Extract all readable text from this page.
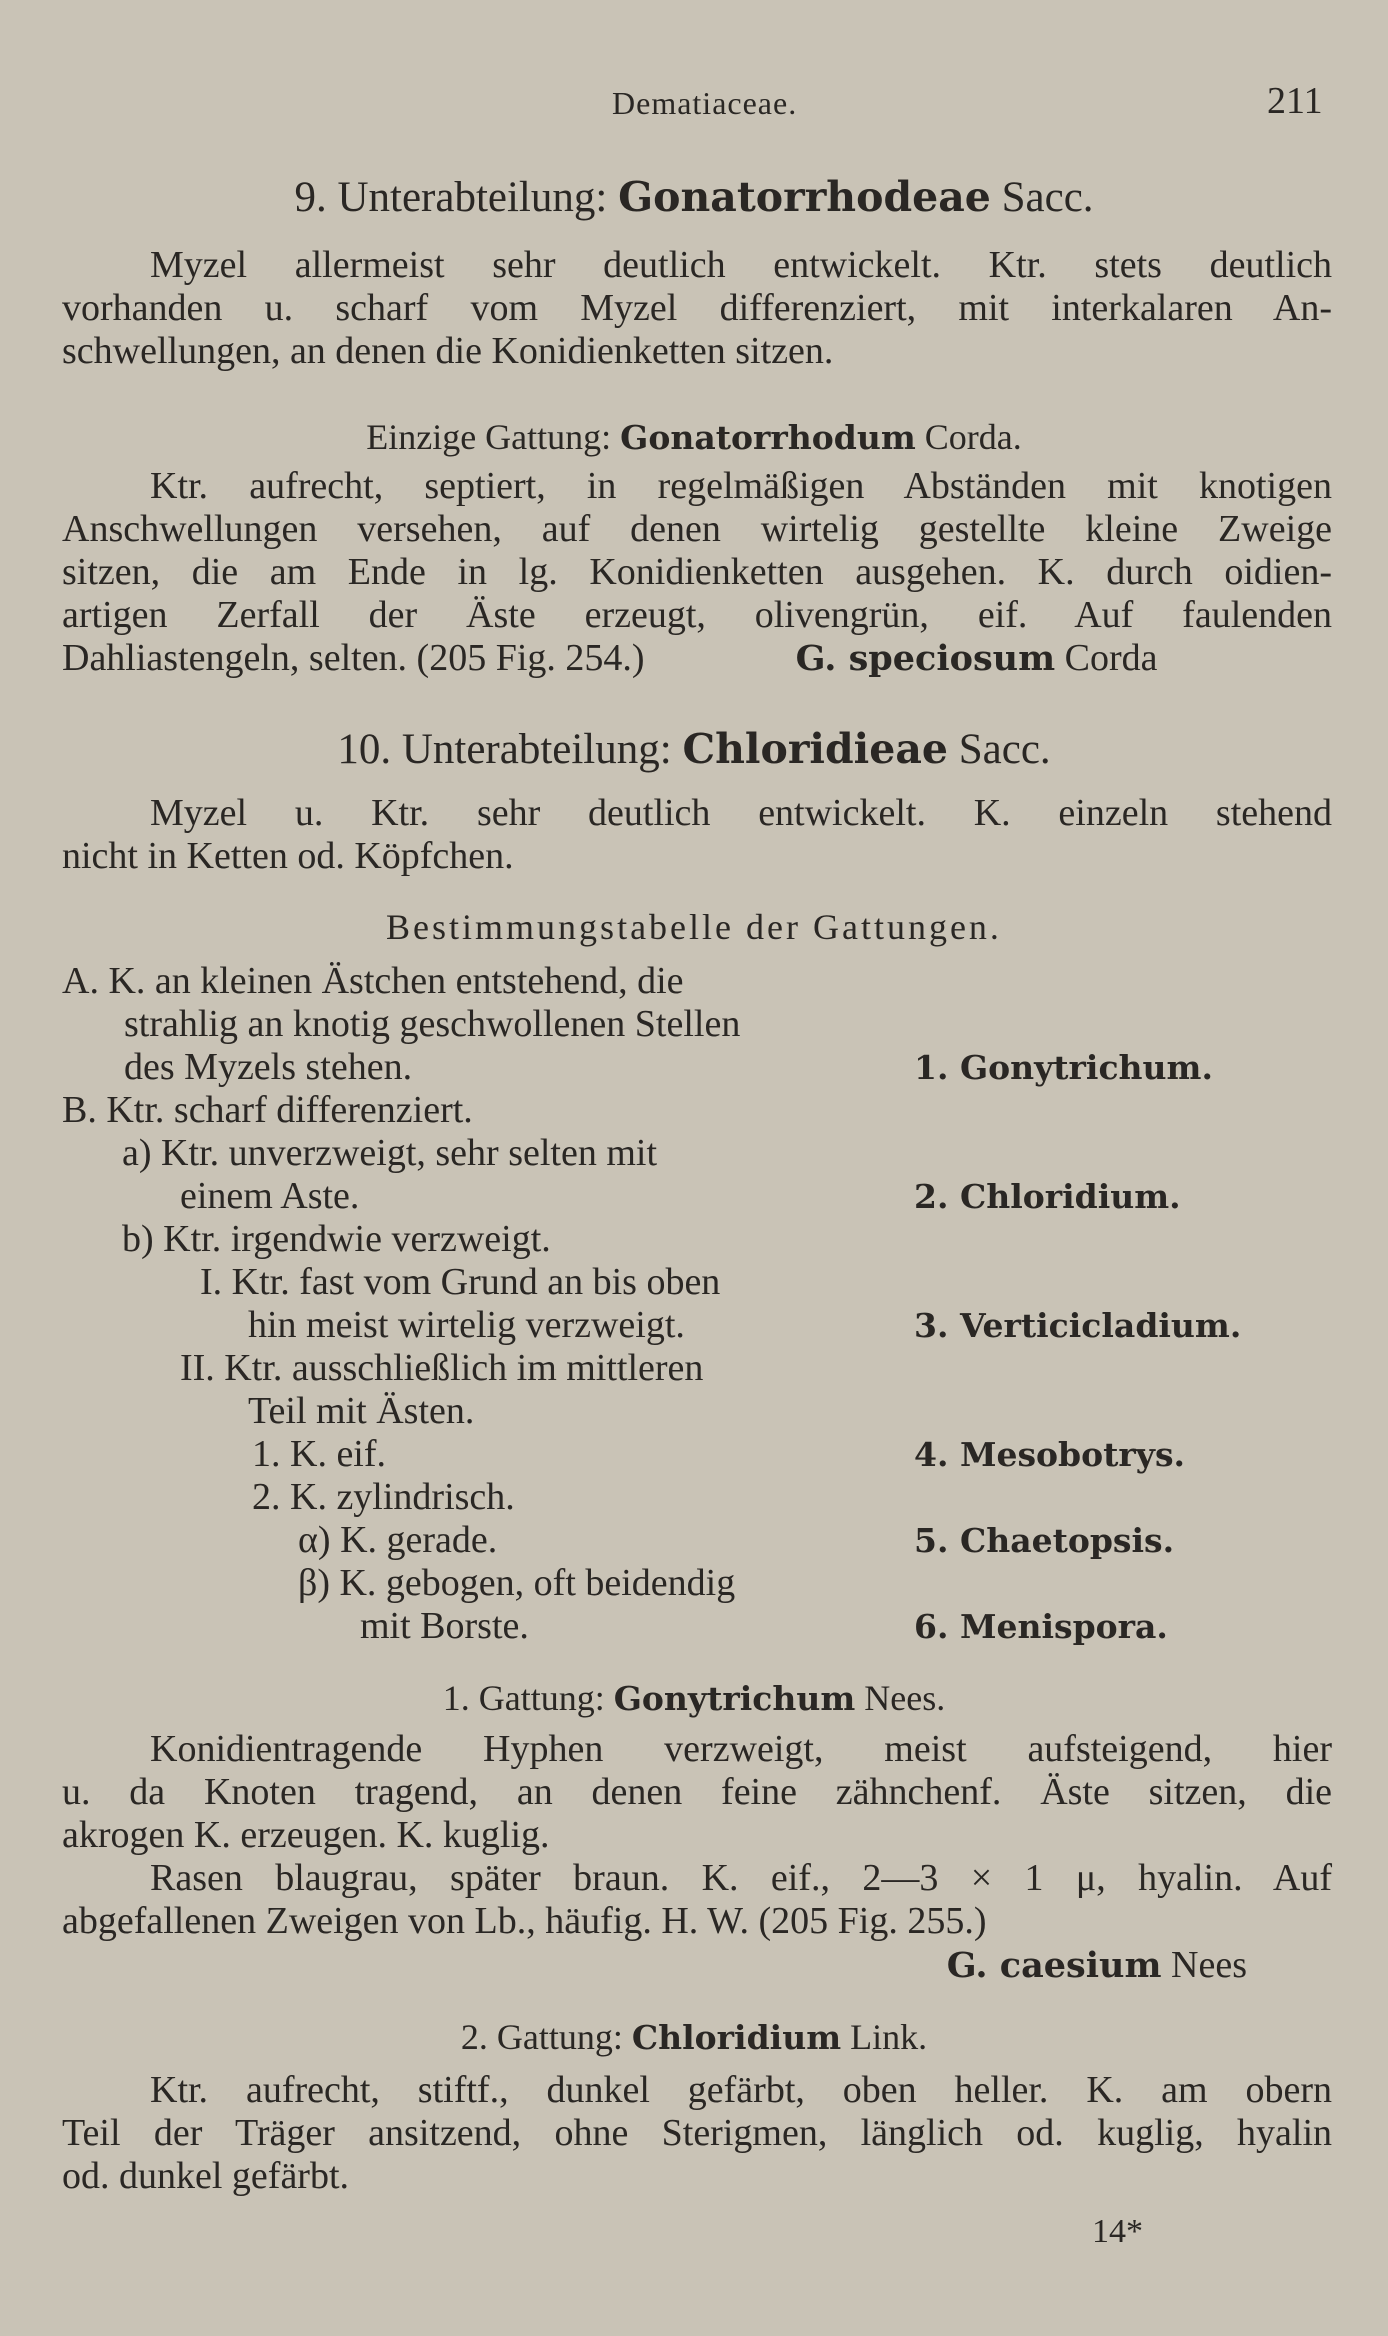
Dematiaceae.	211
9. Unterabteilung: Gonatorrhodeae Sacc.
Myzel allermeist sehr deutlich entwickelt. Ktr. stets deutlich
vorhanden u. scharf vom Myzel differenziert, mit interkalaren An-
schwellungen, an denen die Konidienketten sitzen.
Einzige Gattung: Gonatorrhodum Corda.
Ktr. aufrecht, septiert, in regelmäßigen Abständen mit knotigen
Anschwellungen versehen, auf denen wirtelig gestellte kleine Zweige
sitzen, die am Ende in lg. Konidienketten ausgehen. K. durch oidien-
artigen Zerfall der Äste erzeugt, olivengrün, eif. Auf faulenden
Dahliastengeln, selten. (205 Fig. 254.)	G. speciosum Corda
10. Unterabteilung: Chloridieae Sacc.
Myzel u. Ktr. sehr deutlich entwickelt. K. einzeln stehend
nicht in Ketten od. Köpfchen.
Bestimmungstabelle der Gattungen.
A. K. an kleinen Ästchen entstehend, die
strahlig an knotig geschwollenen Stellen
des Myzels stehen.	1. Gonytrichum.
B. Ktr. scharf differenziert.
a) Ktr. unverzweigt, sehr selten mit
einem Aste.	2. Chloridium.
b) Ktr. irgendwie verzweigt.
I. Ktr. fast vom Grund an bis oben
hin meist wirtelig verzweigt.	3. Verticicladium.
II. Ktr. ausschließlich im mittleren
Teil mit Ästen.
1. K. eif.	4. Mesobotrys.
2. K. zylindrisch.
α) K. gerade.	5. Chaetopsis.
β) K. gebogen, oft beidendig
mit Borste.	6. Menispora.
1. Gattung: Gonytrichum Nees.
Konidientragende Hyphen verzweigt, meist aufsteigend, hier
u. da Knoten tragend, an denen feine zähnchenf. Äste sitzen, die
akrogen K. erzeugen. K. kuglig.
Rasen blaugrau, später braun. K. eif., 2—3 × 1 μ, hyalin. Auf
abgefallenen Zweigen von Lb., häufig. H. W. (205 Fig. 255.)
G. caesium Nees
2. Gattung: Chloridium Link.
Ktr. aufrecht, stiftf., dunkel gefärbt, oben heller. K. am obern
Teil der Träger ansitzend, ohne Sterigmen, länglich od. kuglig, hyalin
od. dunkel gefärbt.
14*
